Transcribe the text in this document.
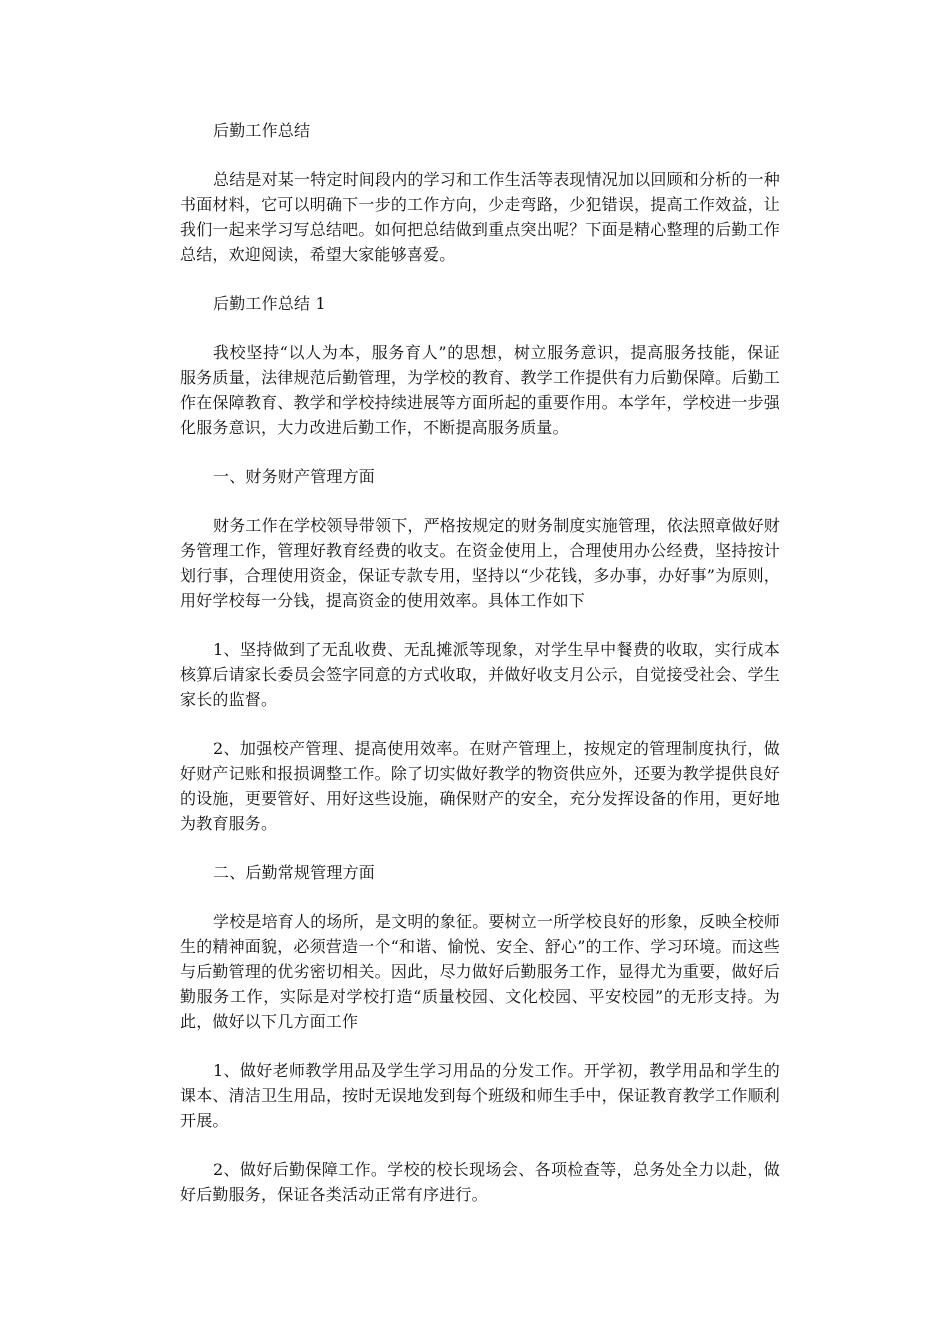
后勤工作总结

总结是对某一特定时间段内的学习和工作生活等表现情况加以回顾和分析的一种书面材料，它可以明确下一步的工作方向，少走弯路，少犯错误，提高工作效益，让我们一起来学习写总结吧。如何把总结做到重点突出呢？下面是精心整理的后勤工作总结，欢迎阅读，希望大家能够喜爱。

后勤工作总结 1

我校坚持“以人为本，服务育人”的思想，树立服务意识，提高服务技能，保证服务质量，法律规范后勤管理，为学校的教育、教学工作提供有力后勤保障。后勤工作在保障教育、教学和学校持续进展等方面所起的重要作用。本学年，学校进一步强化服务意识，大力改进后勤工作，不断提高服务质量。

一、财务财产管理方面

财务工作在学校领导带领下，严格按规定的财务制度实施管理，依法照章做好财务管理工作，管理好教育经费的收支。在资金使用上，合理使用办公经费，坚持按计划行事，合理使用资金，保证专款专用，坚持以“少花钱，多办事，办好事”为原则，用好学校每一分钱，提高资金的使用效率。具体工作如下

1、坚持做到了无乱收费、无乱摊派等现象，对学生早中餐费的收取，实行成本核算后请家长委员会签字同意的方式收取，并做好收支月公示，自觉接受社会、学生家长的监督。

2、加强校产管理、提高使用效率。在财产管理上，按规定的管理制度执行，做好财产记账和报损调整工作。除了切实做好教学的物资供应外，还要为教学提供良好的设施，更要管好、用好这些设施，确保财产的安全，充分发挥设备的作用，更好地为教育服务。

二、后勤常规管理方面

学校是培育人的场所，是文明的象征。要树立一所学校良好的形象，反映全校师生的精神面貌，必须营造一个“和谐、愉悦、安全、舒心”的工作、学习环境。而这些与后勤管理的优劣密切相关。因此，尽力做好后勤服务工作，显得尤为重要，做好后勤服务工作，实际是对学校打造“质量校园、文化校园、平安校园”的无形支持。为此，做好以下几方面工作

1、做好老师教学用品及学生学习用品的分发工作。开学初，教学用品和学生的课本、清洁卫生用品，按时无误地发到每个班级和师生手中，保证教育教学工作顺利开展。

2、做好后勤保障工作。学校的校长现场会、各项检查等，总务处全力以赴，做好后勤服务，保证各类活动正常有序进行。
